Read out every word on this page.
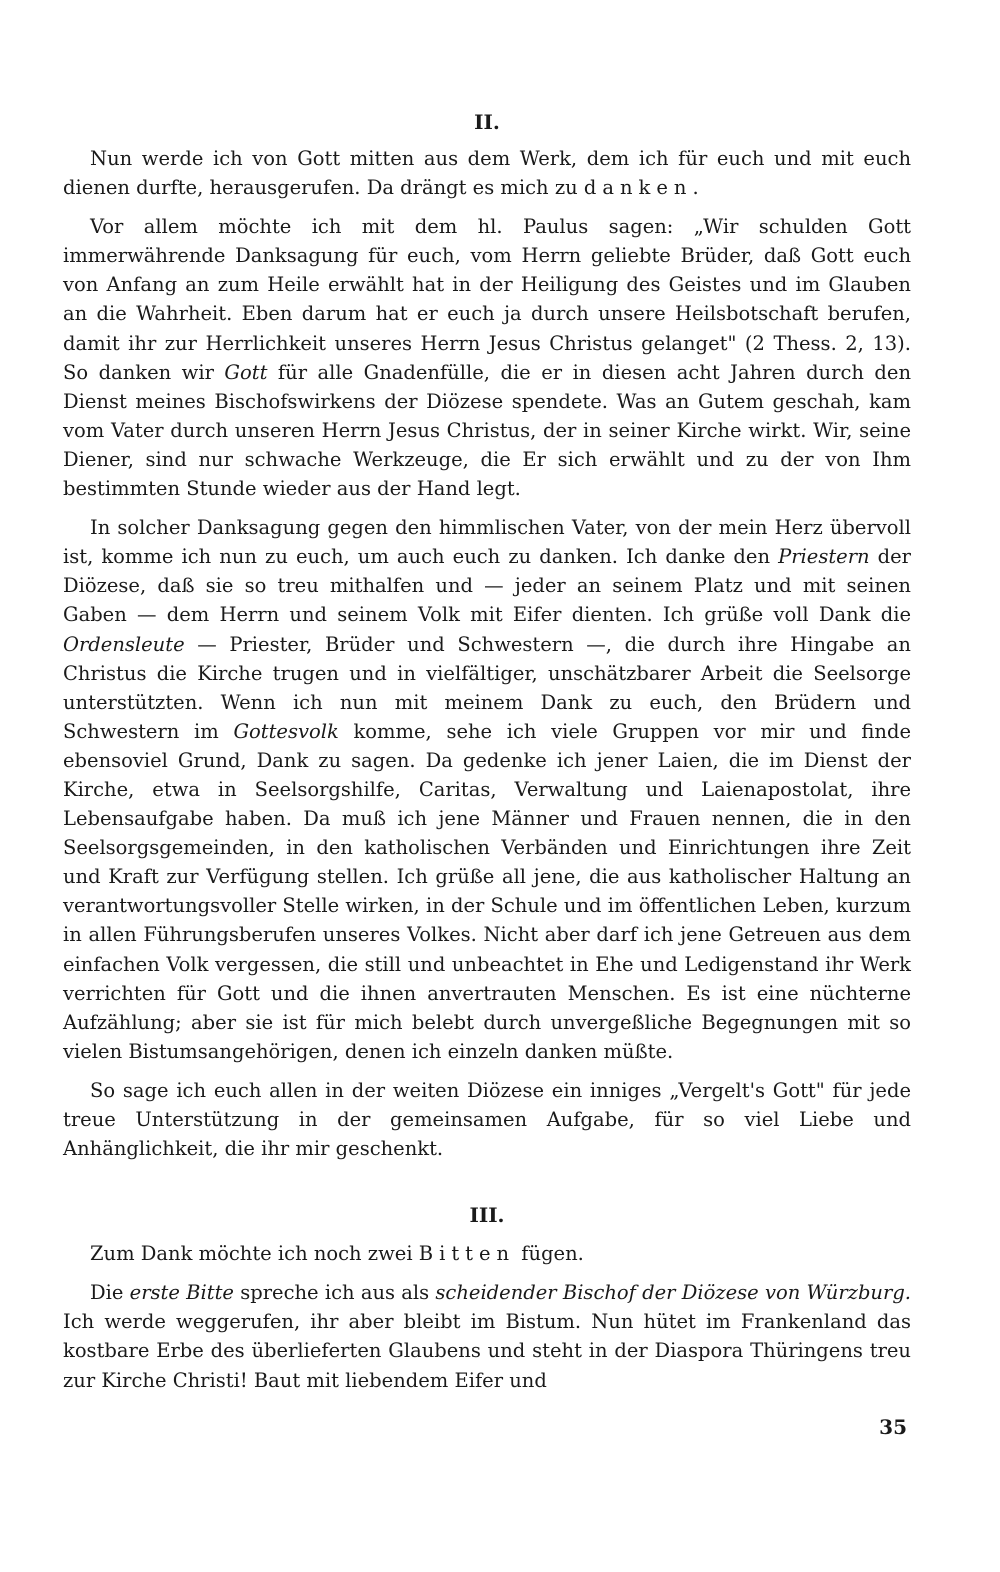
II.

Nun werde ich von Gott mitten aus dem Werk, dem ich für euch und mit euch dienen durfte, herausgerufen. Da drängt es mich zu danken.

Vor allem möchte ich mit dem hl. Paulus sagen: „Wir schulden Gott immerwährende Danksagung für euch, vom Herrn geliebte Brüder, daß Gott euch von Anfang an zum Heile erwählt hat in der Heiligung des Geistes und im Glauben an die Wahrheit. Eben darum hat er euch ja durch unsere Heilsbotschaft berufen, damit ihr zur Herrlichkeit unseres Herrn Jesus Christus gelanget" (2 Thess. 2, 13). So danken wir Gott für alle Gnadenfülle, die er in diesen acht Jahren durch den Dienst meines Bischofswirkens der Diözese spendete. Was an Gutem geschah, kam vom Vater durch unseren Herrn Jesus Christus, der in seiner Kirche wirkt. Wir, seine Diener, sind nur schwache Werkzeuge, die Er sich erwählt und zu der von Ihm bestimmten Stunde wieder aus der Hand legt.

In solcher Danksagung gegen den himmlischen Vater, von der mein Herz übervoll ist, komme ich nun zu euch, um auch euch zu danken. Ich danke den Priestern der Diözese, daß sie so treu mithalfen und — jeder an seinem Platz und mit seinen Gaben — dem Herrn und seinem Volk mit Eifer dienten. Ich grüße voll Dank die Ordensleute — Priester, Brüder und Schwestern —, die durch ihre Hingabe an Christus die Kirche trugen und in vielfältiger, unschätzbarer Arbeit die Seelsorge unterstützten. Wenn ich nun mit meinem Dank zu euch, den Brüdern und Schwestern im Gottesvolk komme, sehe ich viele Gruppen vor mir und finde ebensoviel Grund, Dank zu sagen. Da gedenke ich jener Laien, die im Dienst der Kirche, etwa in Seelsorgshilfe, Caritas, Verwaltung und Laienapostolat, ihre Lebensaufgabe haben. Da muß ich jene Männer und Frauen nennen, die in den Seelsorgsgemeinden, in den katholischen Verbänden und Einrichtungen ihre Zeit und Kraft zur Verfügung stellen. Ich grüße all jene, die aus katholischer Haltung an verantwortungsvoller Stelle wirken, in der Schule und im öffentlichen Leben, kurzum in allen Führungsberufen unseres Volkes. Nicht aber darf ich jene Getreuen aus dem einfachen Volk vergessen, die still und unbeachtet in Ehe und Ledigenstand ihr Werk verrichten für Gott und die ihnen anvertrauten Menschen. Es ist eine nüchterne Aufzählung; aber sie ist für mich belebt durch unvergeßliche Begegnungen mit so vielen Bistumsangehörigen, denen ich einzeln danken müßte.

So sage ich euch allen in der weiten Diözese ein inniges „Vergelt's Gott" für jede treue Unterstützung in der gemeinsamen Aufgabe, für so viel Liebe und Anhänglichkeit, die ihr mir geschenkt.

III.

Zum Dank möchte ich noch zwei Bitten fügen.

Die erste Bitte spreche ich aus als scheidender Bischof der Diözese von Würzburg. Ich werde weggerufen, ihr aber bleibt im Bistum. Nun hütet im Frankenland das kostbare Erbe des überlieferten Glaubens und steht in der Diaspora Thüringens treu zur Kirche Christi! Baut mit liebendem Eifer und

35
